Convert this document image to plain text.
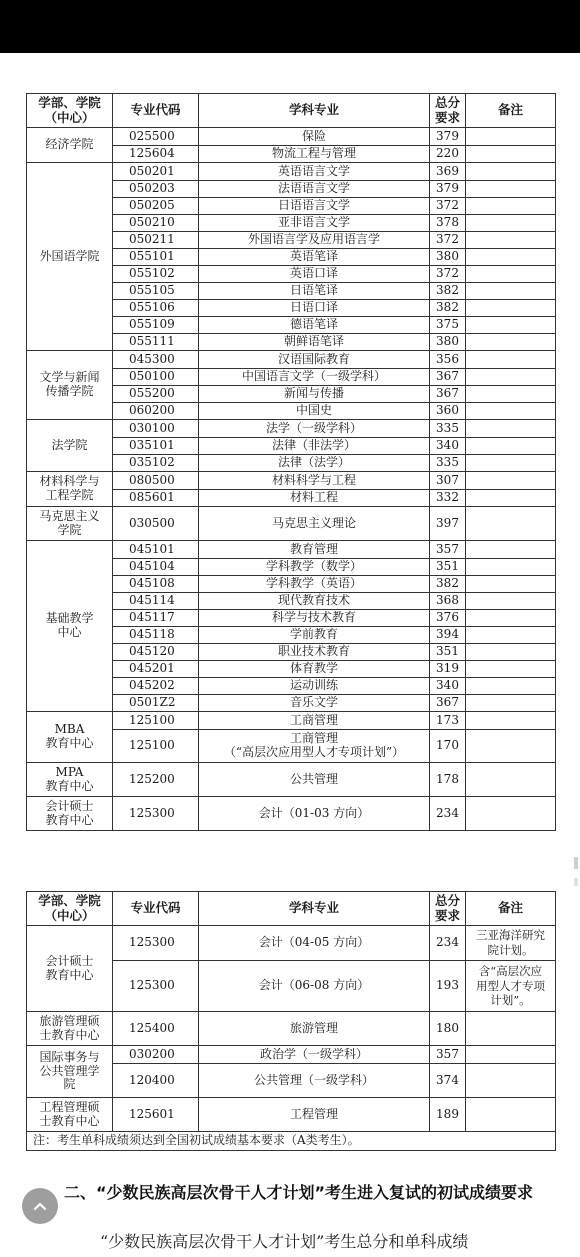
学部、学院
（中心）	专业代码	学科专业	总分
要求	备注
经济学院	025500	保险	379	
	125604	物流工程与管理	220	
外国语学院	050201	英语语言文学	369	
	050203	法语语言文学	379	
	050205	日语语言文学	372	
	050210	亚非语言文学	378	
	050211	外国语言学及应用语言学	372	
	055101	英语笔译	380	
	055102	英语口译	372	
	055105	日语笔译	382	
	055106	日语口译	382	
	055109	德语笔译	375	
	055111	朝鲜语笔译	380	
文学与新闻
传播学院	045300	汉语国际教育	356	
	050100	中国语言文学（一级学科）	367	
	055200	新闻与传播	367	
	060200	中国史	360	
法学院	030100	法学（一级学科）	335	
	035101	法律（非法学）	340	
	035102	法律（法学）	335	
材料科学与
工程学院	080500	材料科学与工程	307	
	085601	材料工程	332	
马克思主义
学院	030500	马克思主义理论	397	
基础教学
中心	045101	教育管理	357	
	045104	学科教学（数学）	351	
	045108	学科教学（英语）	382	
	045114	现代教育技术	368	
	045117	科学与技术教育	376	
	045118	学前教育	394	
	045120	职业技术教育	351	
	045201	体育教学	319	
	045202	运动训练	340	
	0501Z2	音乐文学	367	
MBA
教育中心	125100	工商管理	173	
	125100	工商管理
（“高层次应用型人才专项计划”）	170	
MPA
教育中心	125200	公共管理	178	
会计硕士
教育中心	125300	会计（01-03 方向）	234	
学部、学院
（中心）	专业代码	学科专业	总分
要求	备注
会计硕士
教育中心	125300	会计（04-05 方向）	234	三亚海洋研究
院计划。
	125300	会计（06-08 方向）	193	含“高层次应
用型人才专项
计划”。
旅游管理硕
士教育中心	125400	旅游管理	180	
国际事务与
公共管理学
院	030200	政治学（一级学科）	357	
	120400	公共管理（一级学科）	374	
工程管理硕
士教育中心	125601	工程管理	189	
注：考生单科成绩须达到全国初试成绩基本要求（A类考生）。				
二、“少数民族高层次骨干人才计划”考生进入复试的初试成绩要求
“少数民族高层次骨干人才计划”考生总分和单科成绩
